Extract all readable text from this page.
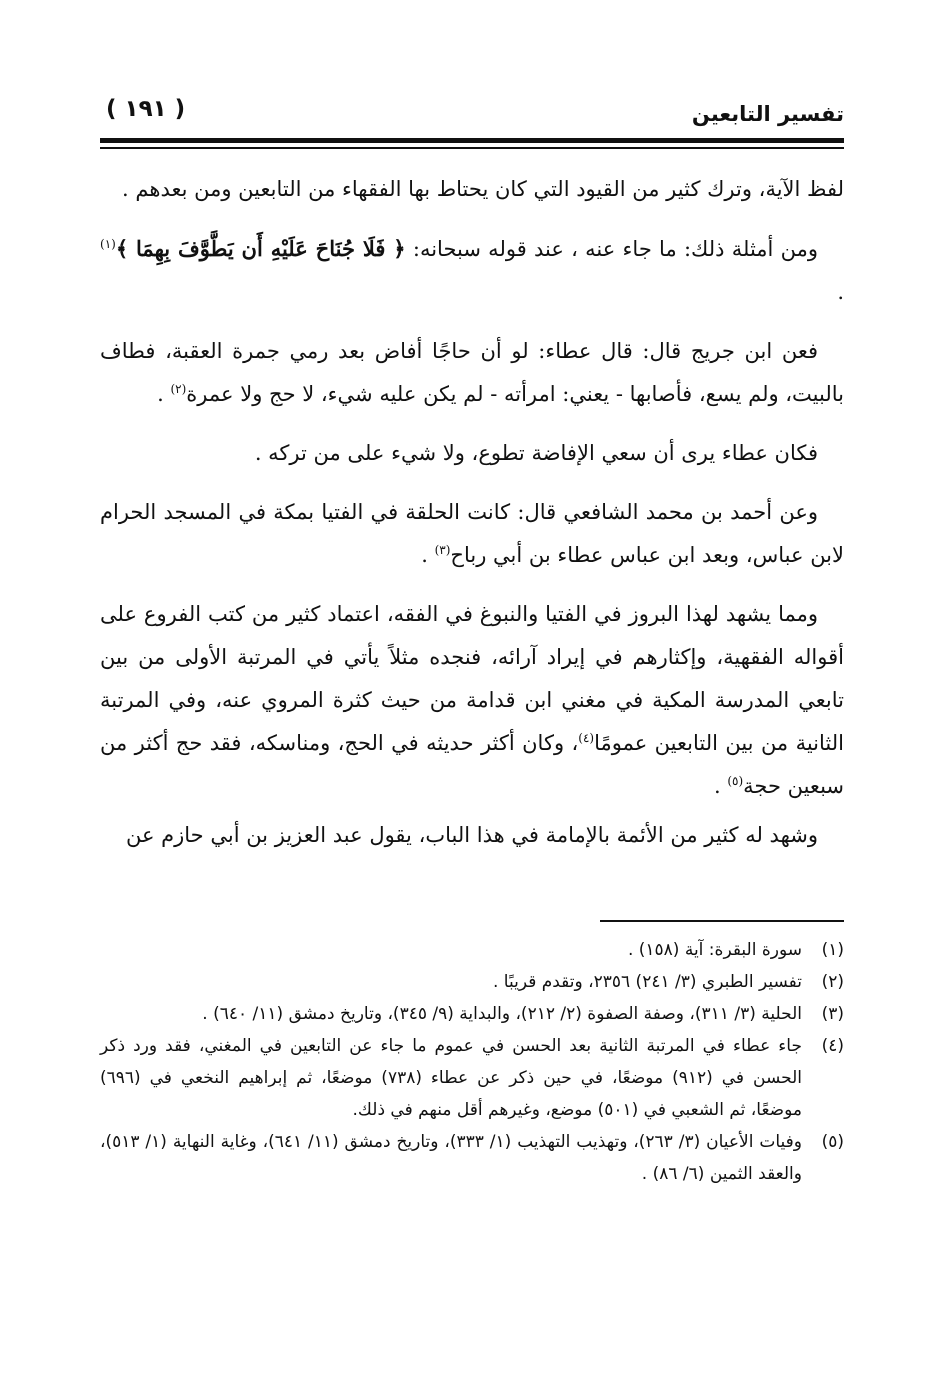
تفسير التابعين
( ١٩١ )

لفظ الآية، وترك كثير من القيود التي كان يحتاط بها الفقهاء من التابعين ومن بعدهم .

ومن أمثلة ذلك: ما جاء عنه ، عند قوله سبحانه: ﴿ فَلَا جُنَاحَ عَلَيْهِ أَن يَطَّوَّفَ بِهِمَا ﴾$^{(١)}$ .

فعن ابن جريج قال: قال عطاء: لو أن حاجًا أفاض بعد رمي جمرة العقبة، فطاف بالبيت، ولم يسع، فأصابها - يعني: امرأته - لم يكن عليه شيء، لا حج ولا عمرة$^{(٢)}$ .

فكان عطاء يرى أن سعي الإفاضة تطوع، ولا شيء على من تركه .

وعن أحمد بن محمد الشافعي قال: كانت الحلقة في الفتيا بمكة في المسجد الحرام لابن عباس، وبعد ابن عباس عطاء بن أبي رباح$^{(٣)}$ .

ومما يشهد لهذا البروز في الفتيا والنبوغ في الفقه، اعتماد كثير من كتب الفروع على أقواله الفقهية، وإكثارهم في إيراد آرائه، فنجده مثلاً يأتي في المرتبة الأولى من بين تابعي المدرسة المكية في مغني ابن قدامة من حيث كثرة المروي عنه، وفي المرتبة الثانية من بين التابعين عمومًا$^{(٤)}$، وكان أكثر حديثه في الحج، ومناسكه، فقد حج أكثر من سبعين حجة$^{(٥)}$ .

وشهد له كثير من الأئمة بالإمامة في هذا الباب، يقول عبد العزيز بن أبي حازم عن

(١)
سورة البقرة: آية (١٥٨) .
(٢)
تفسير الطبري (٣/ ٢٤١) ٢٣٥٦، وتقدم قريبًا .
(٣)
الحلية (٣/ ٣١١)، وصفة الصفوة (٢/ ٢١٢)، والبداية (٩/ ٣٤٥)، وتاريخ دمشق (١١/ ٦٤٠) .
(٤)
جاء عطاء في المرتبة الثانية بعد الحسن في عموم ما جاء عن التابعين في المغني، فقد ورد ذكر الحسن في (٩١٢) موضعًا، في حين ذكر عن عطاء (٧٣٨) موضعًا، ثم إبراهيم النخعي في (٦٩٦) موضعًا، ثم الشعبي في (٥٠١) موضع، وغيرهم أقل منهم في ذلك.
(٥)
وفيات الأعيان (٣/ ٢٦٣)، وتهذيب التهذيب (١/ ٣٣٣)، وتاريخ دمشق (١١/ ٦٤١)، وغاية النهاية (١/ ٥١٣)، والعقد الثمين (٦/ ٨٦) .
